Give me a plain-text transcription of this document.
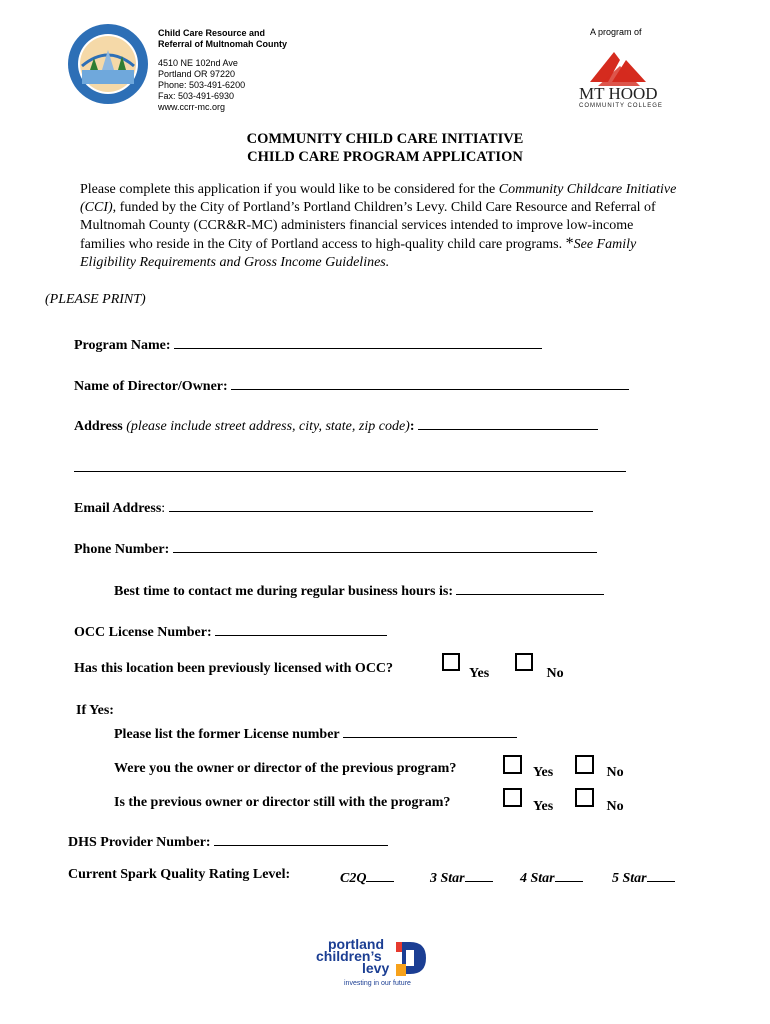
Child Care Resource and
Referral of Multnomah County
4510 NE 102nd Ave
Portland OR 97220
Phone: 503-491-6200
Fax: 503-491-6930
www.ccrr-mc.org
A program of
MT HOOD
COMMUNITY COLLEGE
COMMUNITY CHILD CARE INITIATIVE
CHILD CARE PROGRAM APPLICATION
Please complete this application if you would like to be considered for the Community Childcare Initiative (CCI), funded by the City of Portland’s Portland Children’s Levy. Child Care Resource and Referral of Multnomah County (CCR&R-MC) administers financial services intended to improve low-income families who reside in the City of Portland access to high-quality child care programs. *See Family Eligibility Requirements and Gross Income Guidelines.
(PLEASE PRINT)
Program Name:
Name of Director/Owner:
Address (please include street address, city, state, zip code):
Email Address:
Phone Number:
Best time to contact me during regular business hours is:
OCC License Number:
Has this location been previously licensed with OCC?	Yes	No
If Yes:
Please list the former License number
Were you the owner or director of the previous program?	Yes	No
Is the previous owner or director still with the program?	Yes	No
DHS Provider Number:
Current Spark Quality Rating Level:	C2Q	3 Star	4 Star	5 Star
portland
children’s
levy
investing in our future
